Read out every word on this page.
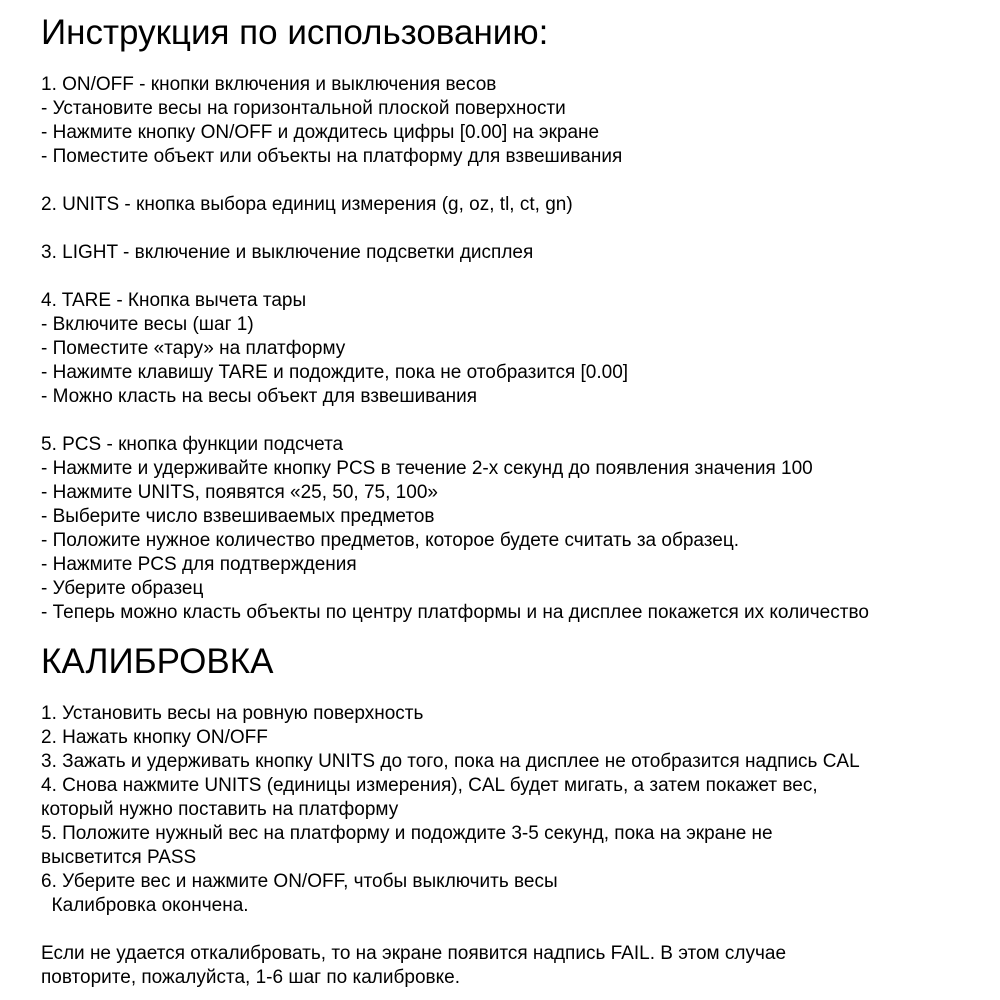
Инструкция по использованию:
1. ON/OFF - кнопки включения и выключения весов
- Установите весы на горизонтальной плоской поверхности
- Нажмите кнопку ON/OFF и дождитесь цифры [0.00] на экране
- Поместите объект или объекты на платформу для взвешивания
2. UNITS - кнопка выбора единиц измерения (g, oz, tl, ct, gn)
3. LIGHT - включение и выключение подсветки дисплея
4. TARE - Кнопка вычета тары
- Включите весы (шаг 1)
- Поместите «тару» на платформу
- Нажимте клавишу TARE и подождите, пока не отобразится [0.00]
- Можно класть на весы объект для взвешивания
5. PCS - кнопка функции подсчета
- Нажмите и удерживайте кнопку PCS в течение 2-х секунд до появления значения 100
- Нажмите UNITS, появятся «25, 50, 75, 100»
- Выберите число взвешиваемых предметов
- Положите нужное количество предметов, которое будете считать за образец.
- Нажмите PCS для подтверждения
- Уберите образец
- Теперь можно класть объекты по центру платформы и на дисплее покажется их количество
КАЛИБРОВКА
1. Установить весы на ровную поверхность
2. Нажать кнопку ON/OFF
3. Зажать и удерживать кнопку UNITS до того, пока на дисплее не отобразится надпись CAL
4. Снова нажмите UNITS (единицы измерения), CAL будет мигать, а затем покажет вес,
который нужно поставить на платформу
5. Положите нужный вес на платформу и подождите 3-5 секунд, пока на экране не
высветится PASS
6. Уберите вес и нажмите ON/OFF, чтобы выключить весы
Калибровка окончена.
Если не удается откалибровать, то на экране появится надпись FAIL. В этом случае
повторите, пожалуйста, 1-6 шаг по калибровке.
